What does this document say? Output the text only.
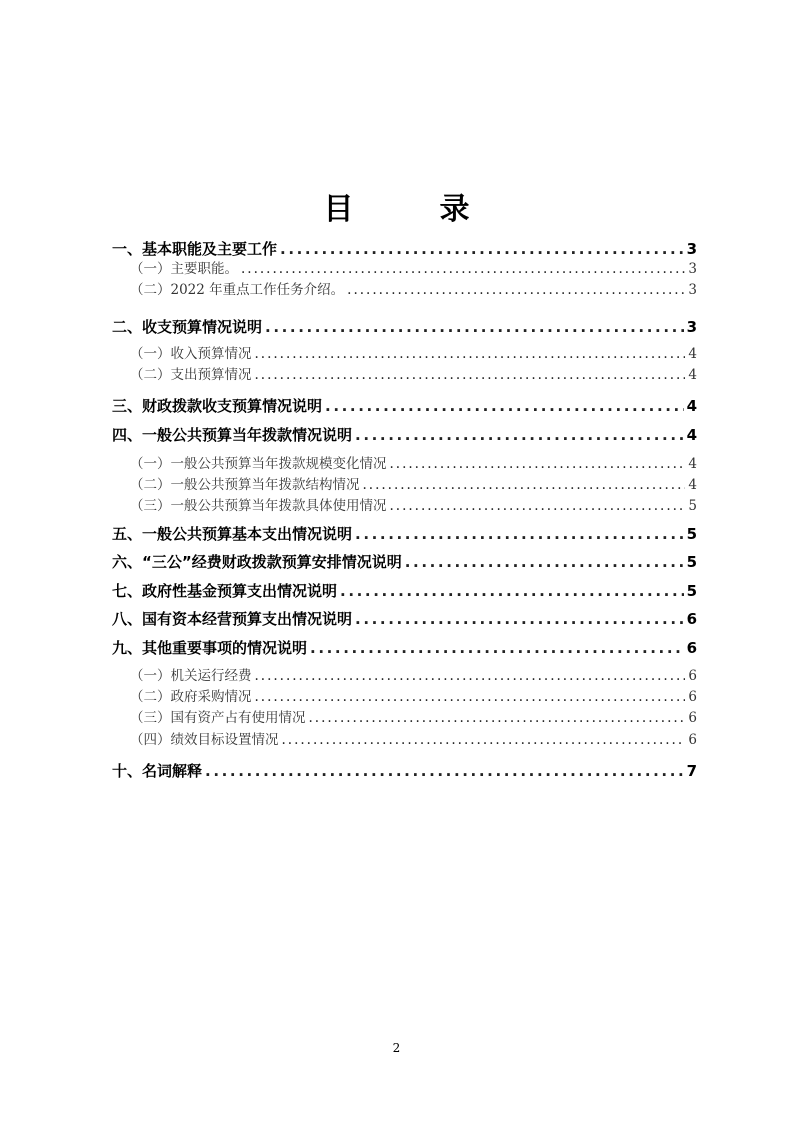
目　录
一、基本职能及主要工作 .....	3
（一）主要职能。 .....	3
（二）2022 年重点工作任务介绍。 .....	3
二、收支预算情况说明 .....	3
（一）收入预算情况 .....	4
（二）支出预算情况 .....	4
三、财政拨款收支预算情况说明 .....	4
四、一般公共预算当年拨款情况说明 .....	4
（一）一般公共预算当年拨款规模变化情况 .....	4
（二）一般公共预算当年拨款结构情况 .....	4
（三）一般公共预算当年拨款具体使用情况 .....	5
五、一般公共预算基本支出情况说明 .....	5
六、“三公”经费财政拨款预算安排情况说明 .....	5
七、政府性基金预算支出情况说明 .....	5
八、国有资本经营预算支出情况说明 .....	6
九、其他重要事项的情况说明 .....	6
（一）机关运行经费 .....	6
（二）政府采购情况 .....	6
（三）国有资产占有使用情况 .....	6
（四）绩效目标设置情况 .....	6
十、名词解释 .....	7
2
